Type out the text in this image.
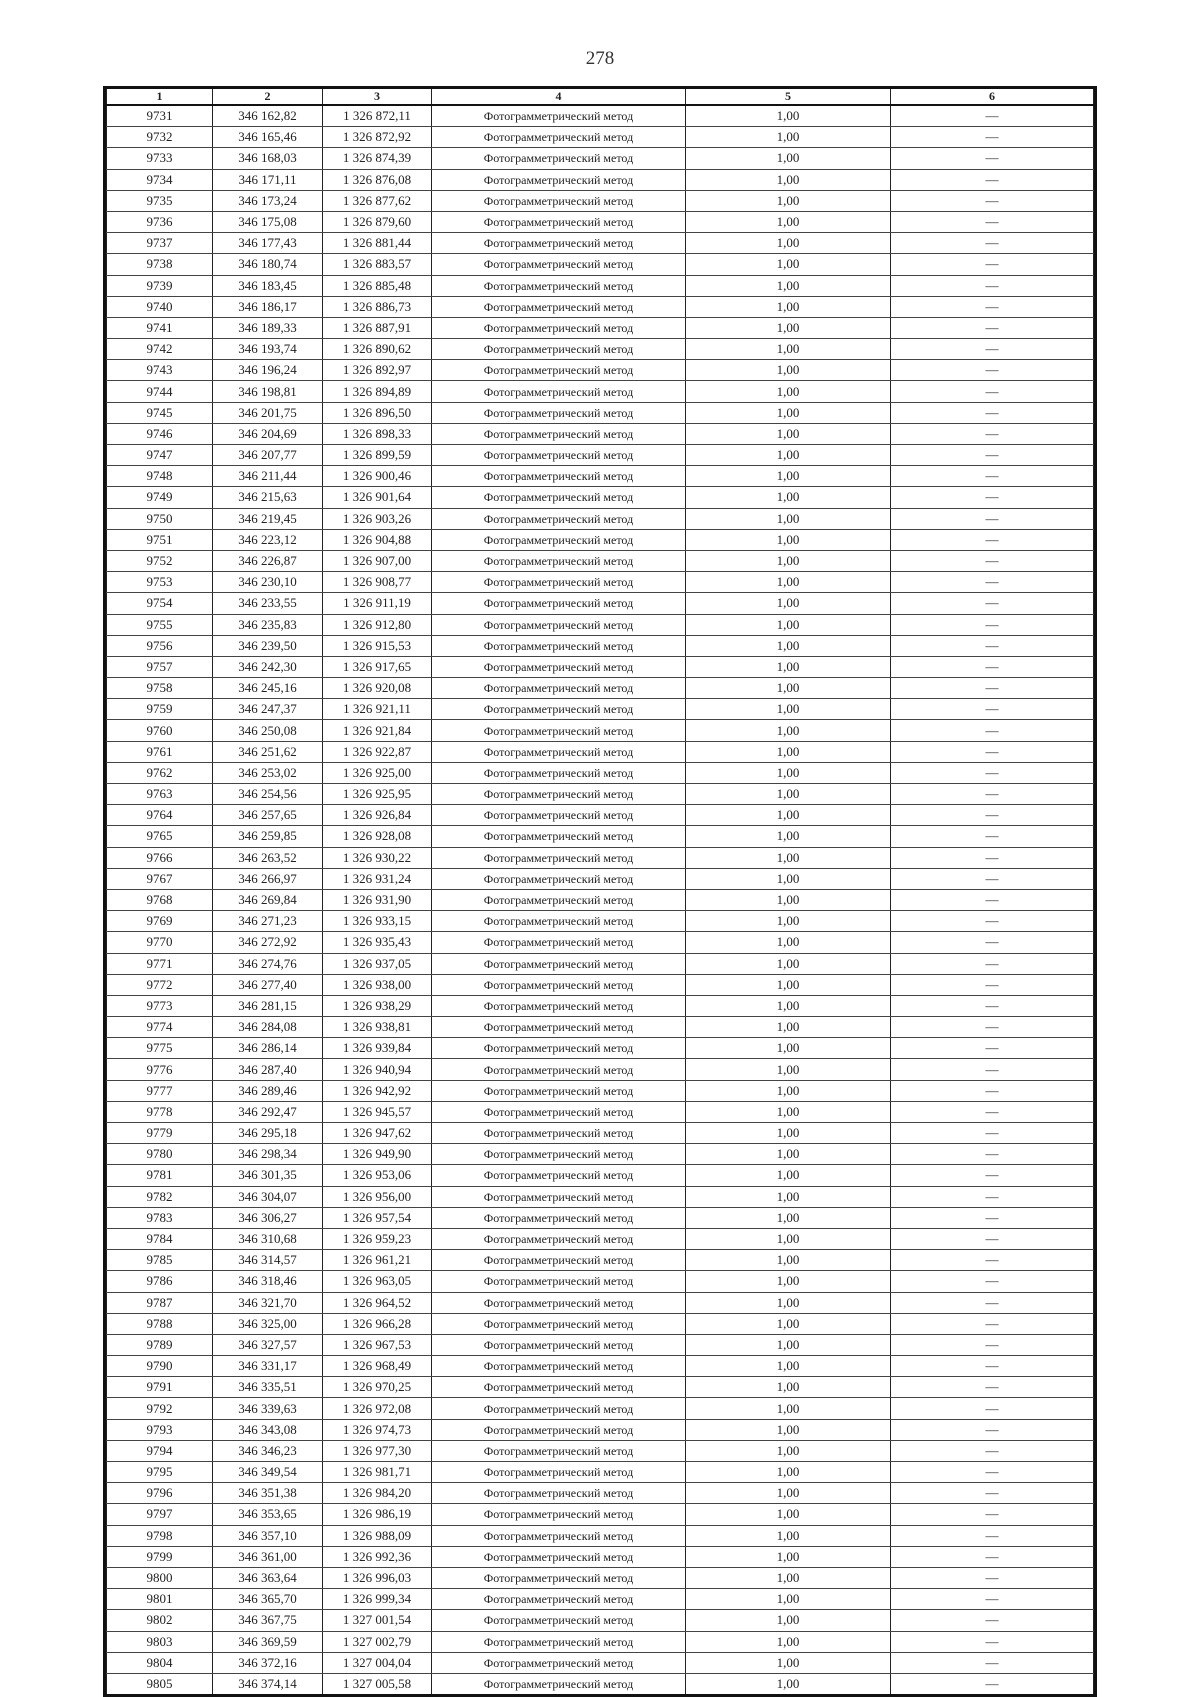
278
1	2	3	4	5	6
9731	346 162,82	1 326 872,11	Фотограмметрический метод	1,00	—
9732	346 165,46	1 326 872,92	Фотограмметрический метод	1,00	—
9733	346 168,03	1 326 874,39	Фотограмметрический метод	1,00	—
9734	346 171,11	1 326 876,08	Фотограмметрический метод	1,00	—
9735	346 173,24	1 326 877,62	Фотограмметрический метод	1,00	—
9736	346 175,08	1 326 879,60	Фотограмметрический метод	1,00	—
9737	346 177,43	1 326 881,44	Фотограмметрический метод	1,00	—
9738	346 180,74	1 326 883,57	Фотограмметрический метод	1,00	—
9739	346 183,45	1 326 885,48	Фотограмметрический метод	1,00	—
9740	346 186,17	1 326 886,73	Фотограмметрический метод	1,00	—
9741	346 189,33	1 326 887,91	Фотограмметрический метод	1,00	—
9742	346 193,74	1 326 890,62	Фотограмметрический метод	1,00	—
9743	346 196,24	1 326 892,97	Фотограмметрический метод	1,00	—
9744	346 198,81	1 326 894,89	Фотограмметрический метод	1,00	—
9745	346 201,75	1 326 896,50	Фотограмметрический метод	1,00	—
9746	346 204,69	1 326 898,33	Фотограмметрический метод	1,00	—
9747	346 207,77	1 326 899,59	Фотограмметрический метод	1,00	—
9748	346 211,44	1 326 900,46	Фотограмметрический метод	1,00	—
9749	346 215,63	1 326 901,64	Фотограмметрический метод	1,00	—
9750	346 219,45	1 326 903,26	Фотограмметрический метод	1,00	—
9751	346 223,12	1 326 904,88	Фотограмметрический метод	1,00	—
9752	346 226,87	1 326 907,00	Фотограмметрический метод	1,00	—
9753	346 230,10	1 326 908,77	Фотограмметрический метод	1,00	—
9754	346 233,55	1 326 911,19	Фотограмметрический метод	1,00	—
9755	346 235,83	1 326 912,80	Фотограмметрический метод	1,00	—
9756	346 239,50	1 326 915,53	Фотограмметрический метод	1,00	—
9757	346 242,30	1 326 917,65	Фотограмметрический метод	1,00	—
9758	346 245,16	1 326 920,08	Фотограмметрический метод	1,00	—
9759	346 247,37	1 326 921,11	Фотограмметрический метод	1,00	—
9760	346 250,08	1 326 921,84	Фотограмметрический метод	1,00	—
9761	346 251,62	1 326 922,87	Фотограмметрический метод	1,00	—
9762	346 253,02	1 326 925,00	Фотограмметрический метод	1,00	—
9763	346 254,56	1 326 925,95	Фотограмметрический метод	1,00	—
9764	346 257,65	1 326 926,84	Фотограмметрический метод	1,00	—
9765	346 259,85	1 326 928,08	Фотограмметрический метод	1,00	—
9766	346 263,52	1 326 930,22	Фотограмметрический метод	1,00	—
9767	346 266,97	1 326 931,24	Фотограмметрический метод	1,00	—
9768	346 269,84	1 326 931,90	Фотограмметрический метод	1,00	—
9769	346 271,23	1 326 933,15	Фотограмметрический метод	1,00	—
9770	346 272,92	1 326 935,43	Фотограмметрический метод	1,00	—
9771	346 274,76	1 326 937,05	Фотограмметрический метод	1,00	—
9772	346 277,40	1 326 938,00	Фотограмметрический метод	1,00	—
9773	346 281,15	1 326 938,29	Фотограмметрический метод	1,00	—
9774	346 284,08	1 326 938,81	Фотограмметрический метод	1,00	—
9775	346 286,14	1 326 939,84	Фотограмметрический метод	1,00	—
9776	346 287,40	1 326 940,94	Фотограмметрический метод	1,00	—
9777	346 289,46	1 326 942,92	Фотограмметрический метод	1,00	—
9778	346 292,47	1 326 945,57	Фотограмметрический метод	1,00	—
9779	346 295,18	1 326 947,62	Фотограмметрический метод	1,00	—
9780	346 298,34	1 326 949,90	Фотограмметрический метод	1,00	—
9781	346 301,35	1 326 953,06	Фотограмметрический метод	1,00	—
9782	346 304,07	1 326 956,00	Фотограмметрический метод	1,00	—
9783	346 306,27	1 326 957,54	Фотограмметрический метод	1,00	—
9784	346 310,68	1 326 959,23	Фотограмметрический метод	1,00	—
9785	346 314,57	1 326 961,21	Фотограмметрический метод	1,00	—
9786	346 318,46	1 326 963,05	Фотограмметрический метод	1,00	—
9787	346 321,70	1 326 964,52	Фотограмметрический метод	1,00	—
9788	346 325,00	1 326 966,28	Фотограмметрический метод	1,00	—
9789	346 327,57	1 326 967,53	Фотограмметрический метод	1,00	—
9790	346 331,17	1 326 968,49	Фотограмметрический метод	1,00	—
9791	346 335,51	1 326 970,25	Фотограмметрический метод	1,00	—
9792	346 339,63	1 326 972,08	Фотограмметрический метод	1,00	—
9793	346 343,08	1 326 974,73	Фотограмметрический метод	1,00	—
9794	346 346,23	1 326 977,30	Фотограмметрический метод	1,00	—
9795	346 349,54	1 326 981,71	Фотограмметрический метод	1,00	—
9796	346 351,38	1 326 984,20	Фотограмметрический метод	1,00	—
9797	346 353,65	1 326 986,19	Фотограмметрический метод	1,00	—
9798	346 357,10	1 326 988,09	Фотограмметрический метод	1,00	—
9799	346 361,00	1 326 992,36	Фотограмметрический метод	1,00	—
9800	346 363,64	1 326 996,03	Фотограмметрический метод	1,00	—
9801	346 365,70	1 326 999,34	Фотограмметрический метод	1,00	—
9802	346 367,75	1 327 001,54	Фотограмметрический метод	1,00	—
9803	346 369,59	1 327 002,79	Фотограмметрический метод	1,00	—
9804	346 372,16	1 327 004,04	Фотограмметрический метод	1,00	—
9805	346 374,14	1 327 005,58	Фотограмметрический метод	1,00	—
